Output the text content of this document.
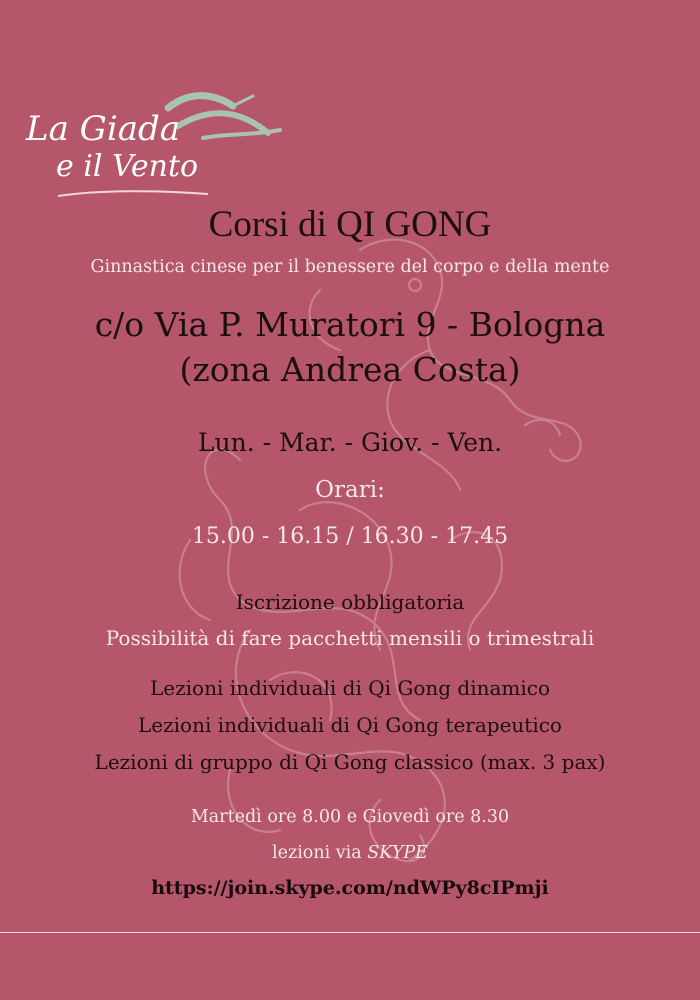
La Giada
e il Vento
Corsi di QI GONG
Ginnastica cinese per il benessere del corpo e della mente
c/o Via P. Muratori 9 - Bologna
(zona Andrea Costa)
Lun. - Mar. - Giov. - Ven.
Orari:
15.00 - 16.15 / 16.30 - 17.45
Iscrizione obbligatoria
Possibilità di fare pacchetti mensili o trimestrali
Lezioni individuali di Qi Gong dinamico
Lezioni individuali di Qi Gong terapeutico
Lezioni di gruppo di Qi Gong classico (max. 3 pax)
Martedì ore 8.00 e Giovedì ore 8.30
lezioni via SKYPE
https://join.skype.com/ndWPy8cIPmji
